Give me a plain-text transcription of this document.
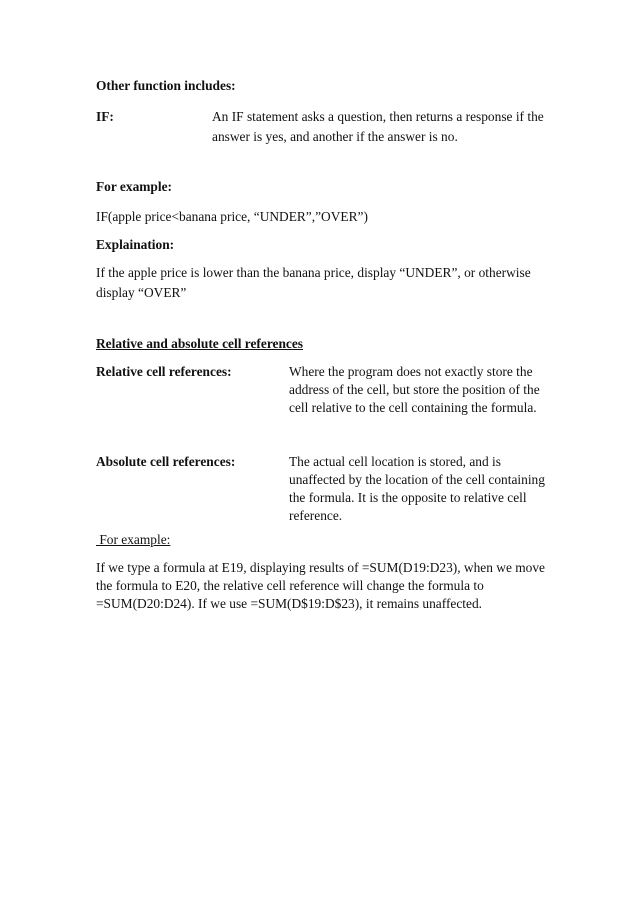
Other function includes:
IF:	An IF statement asks a question, then returns a response if the
answer is yes, and another if the answer is no.
For example:
IF(apple price<banana price, “UNDER”,”OVER”)
Explaination:
If the apple price is lower than the banana price, display “UNDER”, or otherwise
display “OVER”
Relative and absolute cell references
Relative cell references:	Where the program does not exactly store the
address of the cell, but store the position of the
cell relative to the cell containing the formula.
Absolute cell references:	The actual cell location is stored, and is
unaffected by the location of the cell containing
the formula. It is the opposite to relative cell
reference.
For example:
If we type a formula at E19, displaying results of =SUM(D19:D23), when we move
the formula to E20, the relative cell reference will change the formula to
=SUM(D20:D24). If we use =SUM(D$19:D$23), it remains unaffected.
